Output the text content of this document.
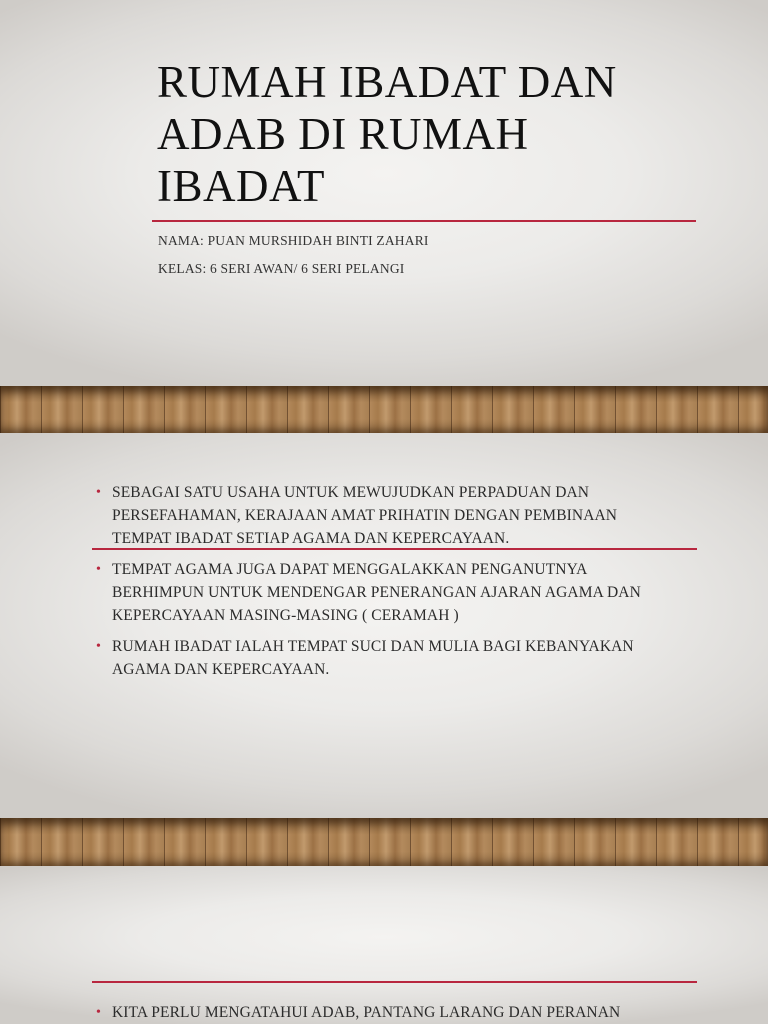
RUMAH IBADAT DAN
ADAB DI RUMAH
IBADAT
NAMA: PUAN MURSHIDAH BINTI ZAHARI
KELAS: 6 SERI AWAN/ 6 SERI PELANGI
• SEBAGAI SATU USAHA UNTUK MEWUJUDKAN PERPADUAN DAN
PERSEFAHAMAN, KERAJAAN AMAT PRIHATIN DENGAN PEMBINAAN
TEMPAT IBADAT SETIAP AGAMA DAN KEPERCAYAAN.
• TEMPAT AGAMA JUGA DAPAT MENGGALAKKAN PENGANUTNYA
BERHIMPUN UNTUK MENDENGAR PENERANGAN AJARAN AGAMA DAN
KEPERCAYAAN MASING-MASING ( CERAMAH )
• RUMAH IBADAT IALAH TEMPAT SUCI DAN MULIA BAGI KEBANYAKAN
AGAMA DAN KEPERCAYAAN.
• KITA PERLU MENGATAHUI ADAB, PANTANG LARANG DAN PERANAN
